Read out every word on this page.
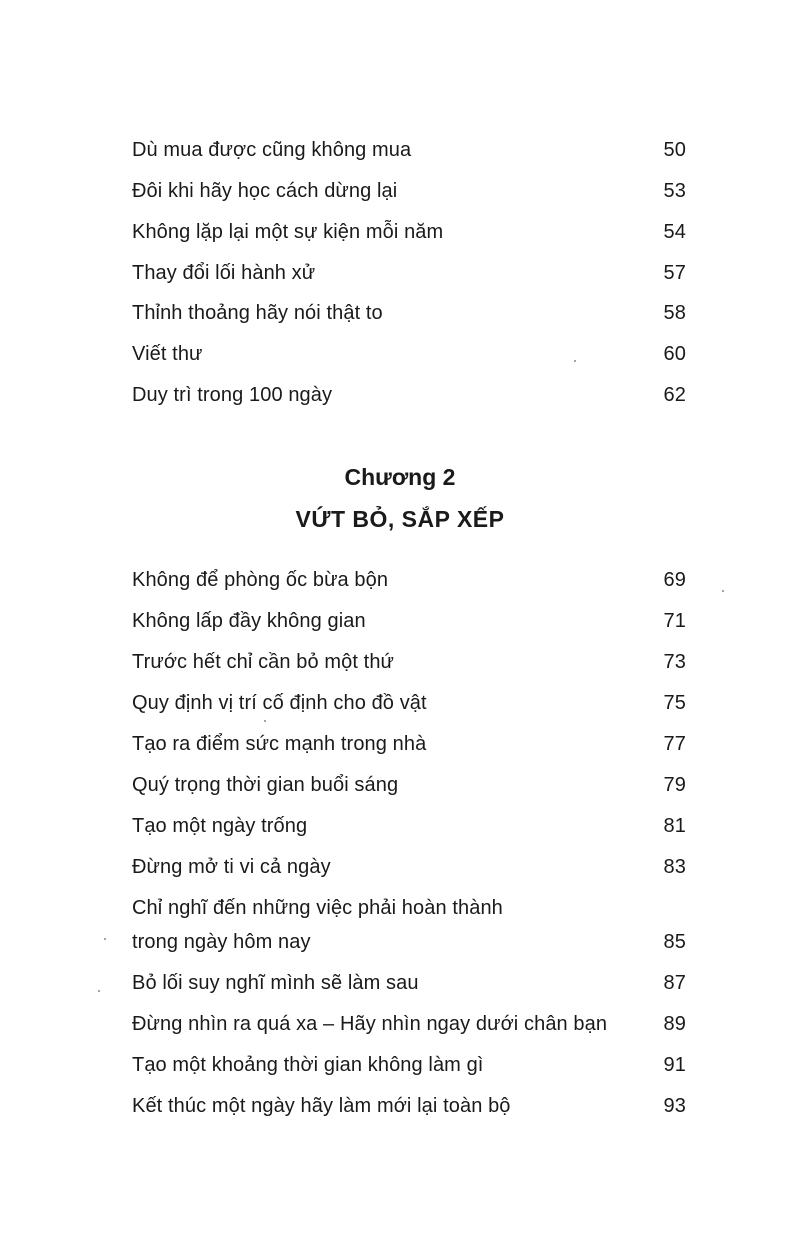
Dù mua được cũng không mua	50
Đôi khi hãy học cách dừng lại	53
Không lặp lại một sự kiện mỗi năm	54
Thay đổi lối hành xử	57
Thỉnh thoảng hãy nói thật to	58
Viết thư	60
Duy trì trong 100 ngày	62
Chương 2
VỨT BỎ, SẮP XẾP
Không để phòng ốc bừa bộn	69
Không lấp đầy không gian	71
Trước hết chỉ cần bỏ một thứ	73
Quy định vị trí cố định cho đồ vật	75
Tạo ra điểm sức mạnh trong nhà	77
Quý trọng thời gian buổi sáng	79
Tạo một ngày trống	81
Đừng mở ti vi cả ngày	83
Chỉ nghĩ đến những việc phải hoàn thành
trong ngày hôm nay	85
Bỏ lối suy nghĩ mình sẽ làm sau	87
Đừng nhìn ra quá xa – Hãy nhìn ngay dưới chân bạn	89
Tạo một khoảng thời gian không làm gì	91
Kết thúc một ngày hãy làm mới lại toàn bộ	93
